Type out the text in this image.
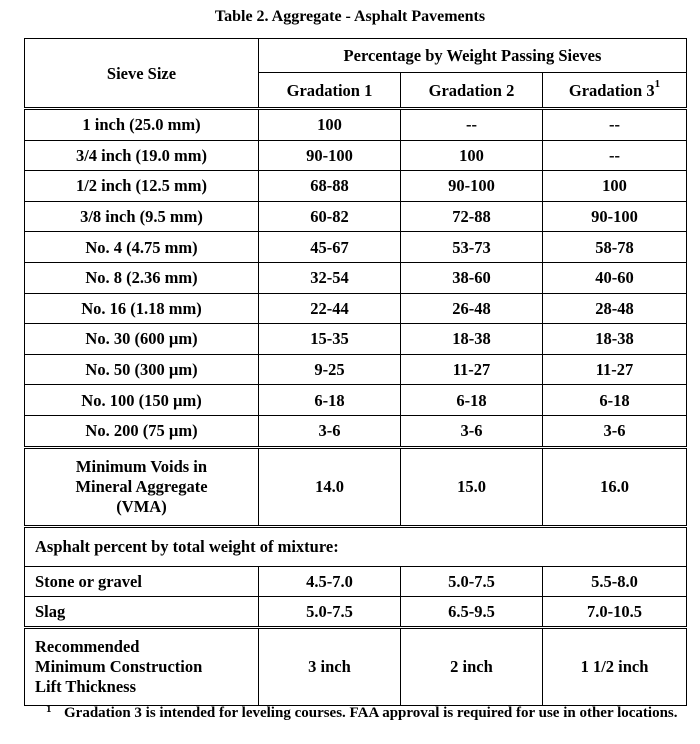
Table 2. Aggregate - Asphalt Pavements
Sieve Size	Percentage by Weight Passing Sieves		
	Gradation 1	Gradation 2	Gradation $3^1$
1 inch (25.0 mm)	100	--	--
3/4 inch (19.0 mm)	90-100	100	--
1/2 inch (12.5 mm)	68-88	90-100	100
3/8 inch (9.5 mm)	60-82	72-88	90-100
No. 4 (4.75 mm)	45-67	53-73	58-78
No. 8 (2.36 mm)	32-54	38-60	40-60
No. 16 (1.18 mm)	22-44	26-48	28-48
No. 30 (600 µm)	15-35	18-38	18-38
No. 50 (300 µm)	9-25	11-27	11-27
No. 100 (150 µm)	6-18	6-18	6-18
No. 200 (75 µm)	3-6	3-6	3-6

Minimum Voids in
Mineral Aggregate
(VMA)	14.0	15.0	16.0
Asphalt percent by total weight of mixture:			
Stone or gravel	4.5-7.0	5.0-7.5	5.5-8.0
Slag	5.0-7.5	6.5-9.5	7.0-10.5

Recommended
Minimum Construction
Lift Thickness	3 inch	2 inch	1 1/2 inch
1 Gradation 3 is intended for leveling courses. FAA approval is required for use in other locations.
